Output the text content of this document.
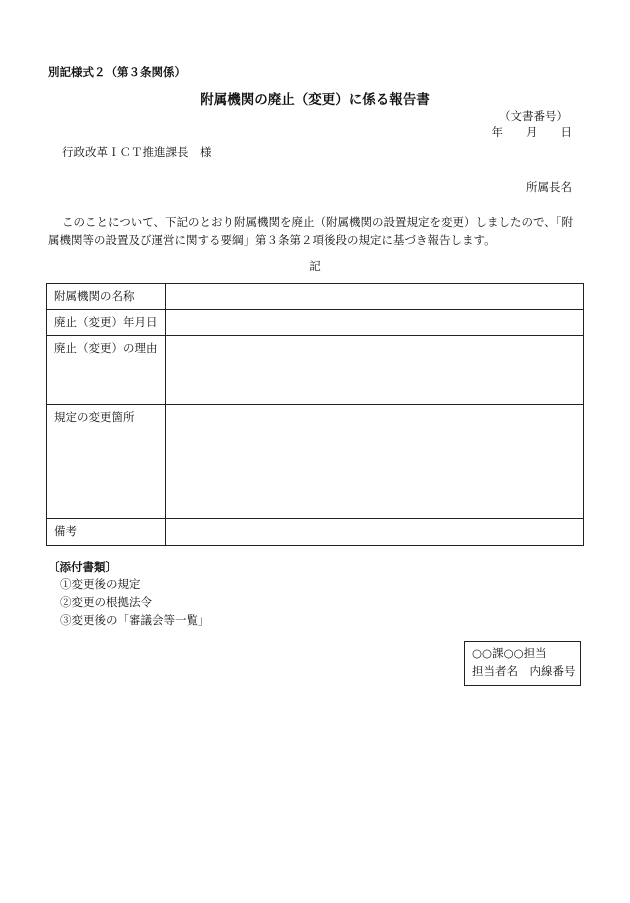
別記様式２（第３条関係）
附属機関の廃止（変更）に係る報告書
（文書番号）
年　　月　　日
行政改革ＩＣＴ推進課長　様
所属長名
このことについて、下記のとおり附属機関を廃止（附属機関の設置規定を変更）しましたので、「附
属機関等の設置及び運営に関する要綱」第３条第２項後段の規定に基づき報告します。
記
附属機関の名称	
廃止（変更）年月日	
廃止（変更）の理由	
規定の変更箇所	
備考	
〔添付書類〕
①変更後の規定
②変更の根拠法令
③変更後の「審議会等一覧」
○○課○○担当
担当者名　内線番号
